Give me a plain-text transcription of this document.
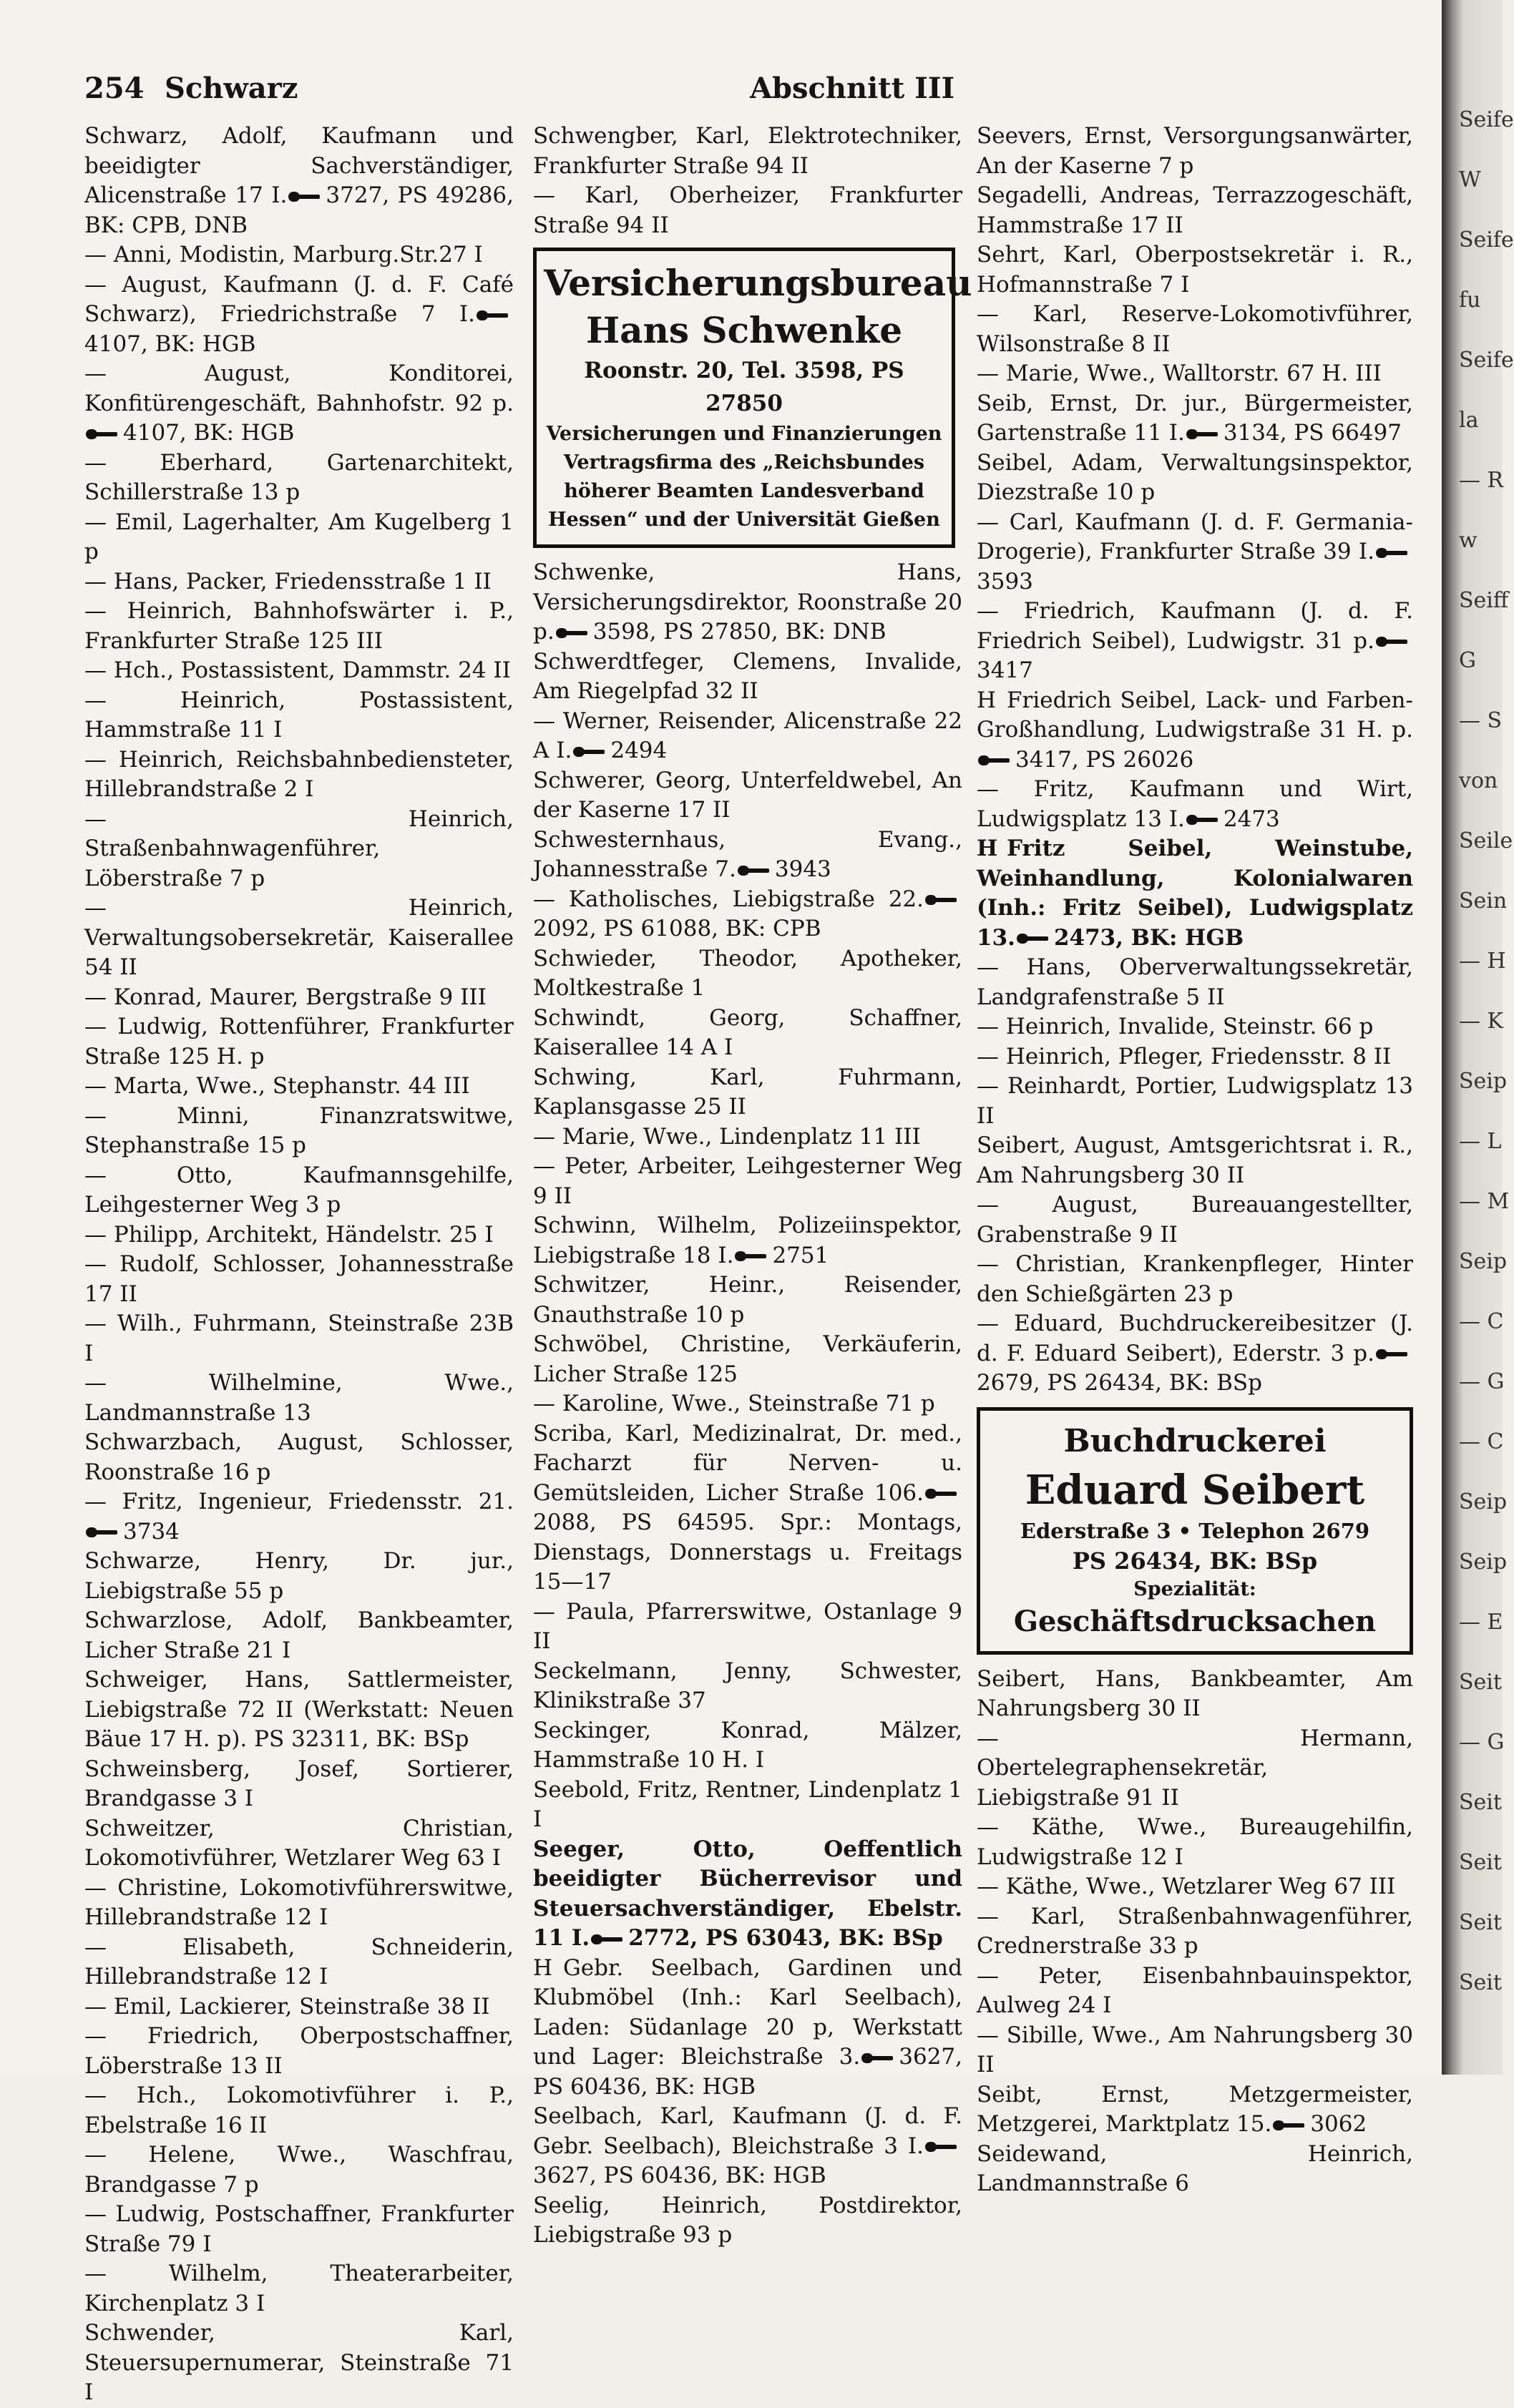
254 Schwarz	Abschnitt III

Schwarz, Adolf, Kaufmann und beeidigter Sachverständiger, Alicenstraße 17 I. 3727, PS 49286, BK: CPB, DNB

— Anni, Modistin, Marburg.Str.27 I

— August, Kaufmann (J. d. F. Café Schwarz), Friedrichstraße 7 I.4107, BK: HGB

— August, Konditorei, Konfitürengeschäft, Bahnhofstr. 92 p.4107, BK: HGB

— Eberhard, Gartenarchitekt, Schillerstraße 13 p

— Emil, Lagerhalter, Am Kugelberg 1 p

— Hans, Packer, Friedensstraße 1 II

— Heinrich, Bahnhofswärter i. P., Frankfurter Straße 125 III

— Hch., Postassistent, Dammstr. 24 II

— Heinrich, Postassistent, Hammstraße 11 I

— Heinrich, Reichsbahnbediensteter, Hillebrandstraße 2 I

— Heinrich, Straßenbahnwagenführer, Löberstraße 7 p

— Heinrich, Verwaltungsobersekretär, Kaiserallee 54 II

— Konrad, Maurer, Bergstraße 9 III

— Ludwig, Rottenführer, Frankfurter Straße 125 H. p

— Marta, Wwe., Stephanstr. 44 III

— Minni, Finanzratswitwe, Stephanstraße 15 p

— Otto, Kaufmannsgehilfe, Leihgesterner Weg 3 p

— Philipp, Architekt, Händelstr. 25 I

— Rudolf, Schlosser, Johannesstraße 17 II

— Wilh., Fuhrmann, Steinstraße 23B I

— Wilhelmine, Wwe., Landmannstraße 13

Schwarzbach, August, Schlosser, Roonstraße 16 p

— Fritz, Ingenieur, Friedensstr. 21.3734

Schwarze, Henry, Dr. jur., Liebigstraße 55 p

Schwarzlose, Adolf, Bankbeamter, Licher Straße 21 I

Schweiger, Hans, Sattlermeister, Liebigstraße 72 II (Werkstatt: Neuen Bäue 17 H. p). PS 32311, BK: BSp

Schweinsberg, Josef, Sortierer, Brandgasse 3 I

Schweitzer, Christian, Lokomotivführer, Wetzlarer Weg 63 I

— Christine, Lokomotivführerswitwe, Hillebrandstraße 12 I

— Elisabeth, Schneiderin, Hillebrandstraße 12 I

— Emil, Lackierer, Steinstraße 38 II

— Friedrich, Oberpostschaffner, Löberstraße 13 II

— Hch., Lokomotivführer i. P., Ebelstraße 16 II

— Helene, Wwe., Waschfrau, Brandgasse 7 p

— Ludwig, Postschaffner, Frankfurter Straße 79 I

— Wilhelm, Theaterarbeiter, Kirchenplatz 3 I

Schwender, Karl, Steuersupernumerar, Steinstraße 71 I

Schwengber, Karl, Elektrotechniker, Frankfurter Straße 94 II

— Karl, Oberheizer, Frankfurter Straße 94 II

Versicherungsbureau
Hans Schwenke
Roonstr. 20, Tel. 3598, PS 27850
Versicherungen und Finanzierungen Vertragsfirma des „Reichsbundes höherer Beamten Landesverband Hessen“ und der Universität Gießen

Schwenke, Hans, Versicherungsdirektor, Roonstraße 20 p. 3598, PS 27850, BK: DNB

Schwerdtfeger, Clemens, Invalide, Am Riegelpfad 32 II

— Werner, Reisender, Alicenstraße 22 A I. 2494

Schwerer, Georg, Unterfeldwebel, An der Kaserne 17 II

Schwesternhaus, Evang., Johannesstraße 7. 3943

— Katholisches, Liebigstraße 22.2092, PS 61088, BK: CPB

Schwieder, Theodor, Apotheker, Moltkestraße 1

Schwindt, Georg, Schaffner, Kaiserallee 14 A I

Schwing, Karl, Fuhrmann, Kaplansgasse 25 II

— Marie, Wwe., Lindenplatz 11 III

— Peter, Arbeiter, Leihgesterner Weg 9 II

Schwinn, Wilhelm, Polizeiinspektor, Liebigstraße 18 I. 2751

Schwitzer, Heinr., Reisender, Gnauthstraße 10 p

Schwöbel, Christine, Verkäuferin, Licher Straße 125

— Karoline, Wwe., Steinstraße 71 p

Scriba, Karl, Medizinalrat, Dr. med., Facharzt für Nerven- u. Gemütsleiden, Licher Straße 106.2088, PS 64595. Spr.: Montags, Dienstags, Donnerstags u. Freitags 15—17

— Paula, Pfarrerswitwe, Ostanlage 9 II

Seckelmann, Jenny, Schwester, Klinikstraße 37

Seckinger, Konrad, Mälzer, Hammstraße 10 H. I

Seebold, Fritz, Rentner, Lindenplatz 1 I

Seeger, Otto, Oeffentlich beeidigter Bücherrevisor und Steuersachverständiger, Ebelstr. 11 I. 2772, PS 63043, BK: BSp

H Gebr. Seelbach, Gardinen und Klubmöbel (Inh.: Karl Seelbach), Laden: Südanlage 20 p, Werkstatt und Lager: Bleichstraße 3. 3627, PS 60436, BK: HGB

Seelbach, Karl, Kaufmann (J. d. F. Gebr. Seelbach), Bleichstraße 3 I.3627, PS 60436, BK: HGB

Seelig, Heinrich, Postdirektor, Liebigstraße 93 p

Seevers, Ernst, Versorgungsanwärter, An der Kaserne 7 p

Segadelli, Andreas, Terrazzogeschäft, Hammstraße 17 II

Sehrt, Karl, Oberpostsekretär i. R., Hofmannstraße 7 I

— Karl, Reserve-Lokomotivführer, Wilsonstraße 8 II

— Marie, Wwe., Walltorstr. 67 H. III

Seib, Ernst, Dr. jur., Bürgermeister, Gartenstraße 11 I. 3134, PS 66497

Seibel, Adam, Verwaltungsinspektor, Diezstraße 10 p

— Carl, Kaufmann (J. d. F. Germania-Drogerie), Frankfurter Straße 39 I.3593

— Friedrich, Kaufmann (J. d. F. Friedrich Seibel), Ludwigstr. 31 p.3417

H Friedrich Seibel, Lack- und Farben-Großhandlung, Ludwigstraße 31 H. p.3417, PS 26026

— Fritz, Kaufmann und Wirt, Ludwigsplatz 13 I. 2473

H Fritz Seibel, Weinstube, Weinhandlung, Kolonialwaren (Inh.: Fritz Seibel), Ludwigsplatz 13. 2473, BK: HGB

— Hans, Oberverwaltungssekretär, Landgrafenstraße 5 II

— Heinrich, Invalide, Steinstr. 66 p

— Heinrich, Pfleger, Friedensstr. 8 II

— Reinhardt, Portier, Ludwigsplatz 13 II

Seibert, August, Amtsgerichtsrat i. R., Am Nahrungsberg 30 II

— August, Bureauangestellter, Grabenstraße 9 II

— Christian, Krankenpfleger, Hinter den Schießgärten 23 p

— Eduard, Buchdruckereibesitzer (J. d. F. Eduard Seibert), Ederstr. 3 p.2679, PS 26434, BK: BSp

Buchdruckerei
Eduard Seibert
Ederstraße 3 • Telephon 2679
PS 26434, BK: BSp
Spezialität:
Geschäftsdrucksachen

Seibert, Hans, Bankbeamter, Am Nahrungsberg 30 II

— Hermann, Obertelegraphensekretär, Liebigstraße 91 II

— Käthe, Wwe., Bureaugehilfin, Ludwigstraße 12 I

— Käthe, Wwe., Wetzlarer Weg 67 III

— Karl, Straßenbahnwagenführer, Crednerstraße 33 p

— Peter, Eisenbahnbauinspektor, Aulweg 24 I

— Sibille, Wwe., Am Nahrungsberg 30 II

Seibt, Ernst, Metzgermeister, Metzgerei, Marktplatz 15. 3062

Seidewand, Heinrich, Landmannstraße 6

Seife
W
Seife
fu
Seife
la
— R
w
Seiff
G
— S
von
Seile
Sein
— H
— K
Seip
— L
— M
Seip
— C
— G
— C
Seip
Seip
— E
Seit
— G
Seit
Seit
Seit
Seit
